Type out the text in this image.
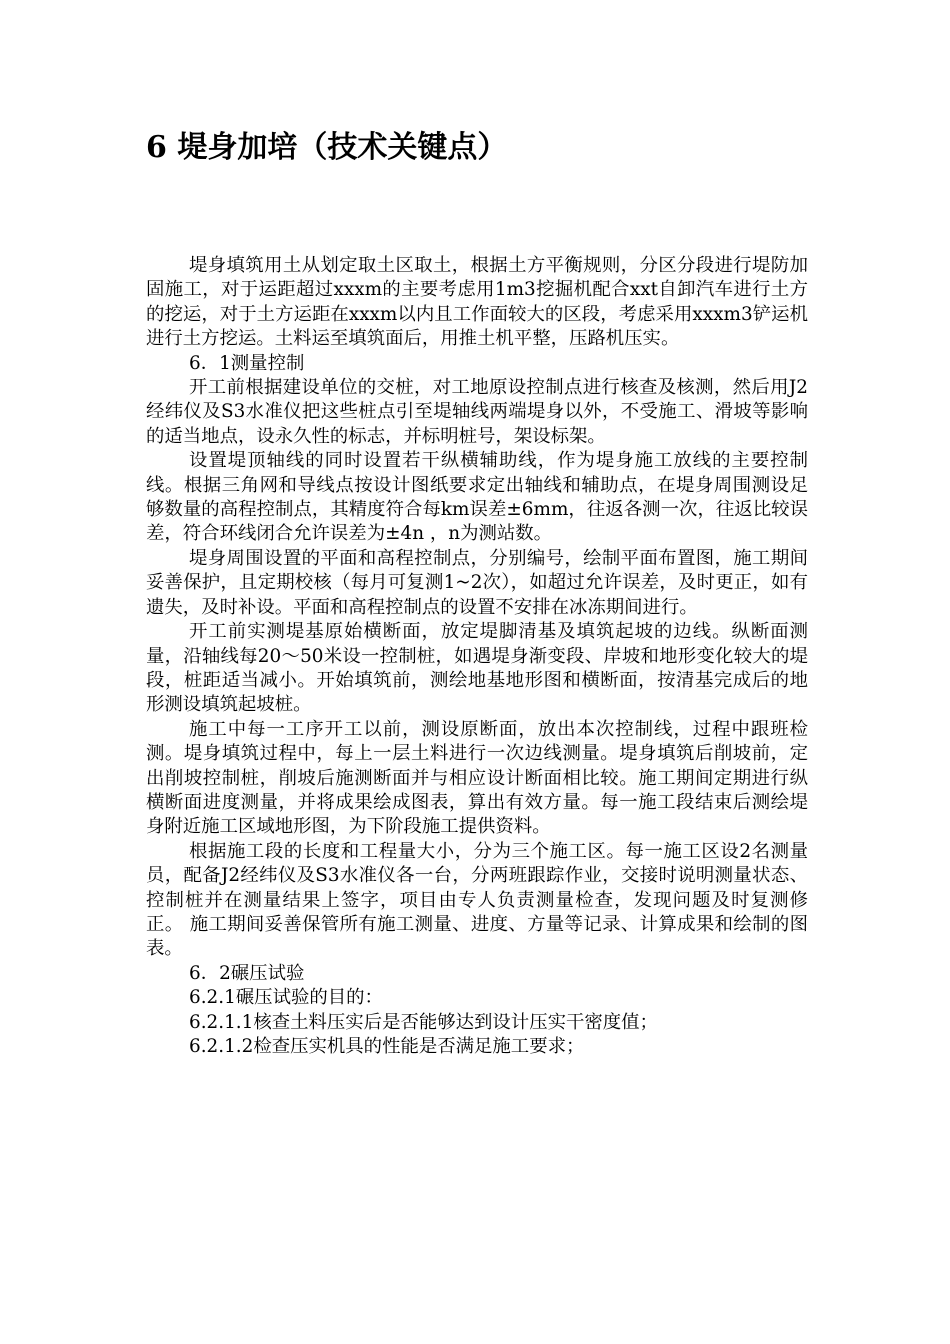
6 堤身加培（技术关键点）

堤身填筑用土从划定取土区取土，根据土方平衡规则，分区分段进行堤防加固施工，对于运距超过xxxm的主要考虑用1m3挖掘机配合xxt自卸汽车进行土方的挖运，对于土方运距在xxxm以内且工作面较大的区段，考虑采用xxxm3铲运机进行土方挖运。土料运至填筑面后，用推土机平整，压路机压实。

6．1测量控制

开工前根据建设单位的交桩，对工地原设控制点进行核查及核测，然后用J2经纬仪及S3水准仪把这些桩点引至堤轴线两端堤身以外，不受施工、滑坡等影响的适当地点，设永久性的标志，并标明桩号，架设标架。

设置堤顶轴线的同时设置若干纵横辅助线，作为堤身施工放线的主要控制线。根据三角网和导线点按设计图纸要求定出轴线和辅助点，在堤身周围测设足够数量的高程控制点，其精度符合每km误差±6mm，往返各测一次，往返比较误差，符合环线闭合允许误差为±4n ，n为测站数。

堤身周围设置的平面和高程控制点，分别编号，绘制平面布置图，施工期间妥善保护，且定期校核（每月可复测1~2次），如超过允许误差，及时更正，如有遗失，及时补设。平面和高程控制点的设置不安排在冰冻期间进行。

开工前实测堤基原始横断面，放定堤脚清基及填筑起坡的边线。纵断面测量，沿轴线每20～50米设一控制桩，如遇堤身渐变段、岸坡和地形变化较大的堤段，桩距适当减小。开始填筑前，测绘地基地形图和横断面，按清基完成后的地形测设填筑起坡桩。

施工中每一工序开工以前，测设原断面，放出本次控制线，过程中跟班检测。堤身填筑过程中，每上一层土料进行一次边线测量。堤身填筑后削坡前，定出削坡控制桩，削坡后施测断面并与相应设计断面相比较。施工期间定期进行纵横断面进度测量，并将成果绘成图表，算出有效方量。每一施工段结束后测绘堤身附近施工区域地形图，为下阶段施工提供资料。

根据施工段的长度和工程量大小，分为三个施工区。每一施工区设2名测量员，配备J2经纬仪及S3水准仪各一台，分两班跟踪作业，交接时说明测量状态、控制桩并在测量结果上签字，项目由专人负责测量检查，发现问题及时复测修正。 施工期间妥善保管所有施工测量、进度、方量等记录、计算成果和绘制的图表。

6．2碾压试验

6.2.1碾压试验的目的：

6.2.1.1核查土料压实后是否能够达到设计压实干密度值；

6.2.1.2检查压实机具的性能是否满足施工要求；
